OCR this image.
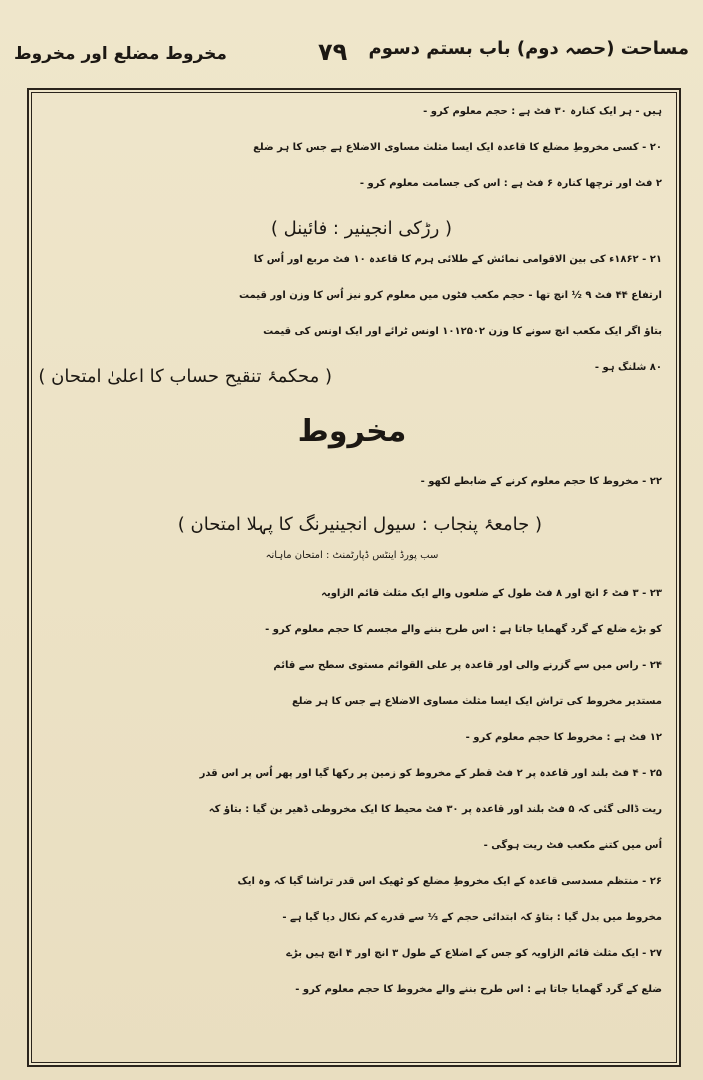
مخروط مضلع اور مخروط	۷۹ مساحت (حصہ دوم) باب بستم دسوم
ہیں - ہر ایک کنارہ ۳۰ فٹ ہے : حجم معلوم کرو -
۲۰ - کسی مخروطِ مضلع کا قاعدہ ایک ایسا مثلث مساوی الاضلاع ہے جس کا ہر ضلع
۲ فٹ اور ترچھا کنارہ ۶ فٹ ہے : اس کی جسامت معلوم کرو -
( رڑکی انجینیر : فائینل )
۲۱ - ۱۸۶۲ء کی بین الاقوامی نمائش کے طلائی ہرم کا قاعدہ ۱۰ فٹ مربع اور اُس کا
ارتفاع ۴۴ فٹ ۹ ½ انچ تھا - حجم مکعب فٹوں میں معلوم کرو نیز اُس کا وزن اور قیمت
بتاؤ اگر ایک مکعب انچ سونے کا وزن ۱۰۱۲۵۰۲ اونس ٹرائے اور ایک اونس کی قیمت
۸۰ شلنگ ہو -
( محکمۂ تنقیح حساب کا اعلیٰ امتحان )
مخروط
۲۲ - مخروط کا حجم معلوم کرنے کے ضابطے لکھو -
( جامعۂ پنجاب : سیول انجینیرنگ کا پہلا امتحان )
سب پورڈ اینٹس ڈپارٹمنٹ : امتحان ماہانہ
۲۳ - ۳ فٹ ۶ انچ اور ۸ فٹ طول کے ضلعوں والے ایک مثلث قائم الزاویہ
کو بڑے ضلع کے گرد گھمایا جاتا ہے : اس طرح بننے والے مجسم کا حجم معلوم کرو -
۲۴ - راس میں سے گزرنے والی اور قاعدہ پر علی القوائم مستوی سطح سے قائم
مستدیر مخروط کی تراش ایک ایسا مثلث مساوی الاضلاع ہے جس کا ہر ضلع
۱۲ فٹ ہے : مخروط کا حجم معلوم کرو -
۲۵ - ۴ فٹ بلند اور قاعدہ پر ۲ فٹ قطر کے مخروط کو زمین پر رکھا گیا اور پھر اُس پر اس قدر
ریت ڈالی گئی کہ ۵ فٹ بلند اور قاعدہ پر ۳۰ فٹ محیط کا ایک مخروطی ڈھیر بن گیا : بتاؤ کہ
اُس میں کتنے مکعب فٹ ریت ہوگی -
۲۶ - منتظم مسدسی قاعدہ کے ایک مخروطِ مضلع کو ٹھیک اس قدر تراشا گیا کہ وہ ایک
مخروط میں بدل گیا : بتاؤ کہ ابتدائی حجم کے ⅓ سے قدرے کم نکال دیا گیا ہے -
۲۷ - ایک مثلث قائم الزاویہ کو جس کے اضلاع کے طول ۳ انچ اور ۴ انچ ہیں بڑے
ضلع کے گرد گھمایا جاتا ہے : اس طرح بننے والے مخروط کا حجم معلوم کرو -
